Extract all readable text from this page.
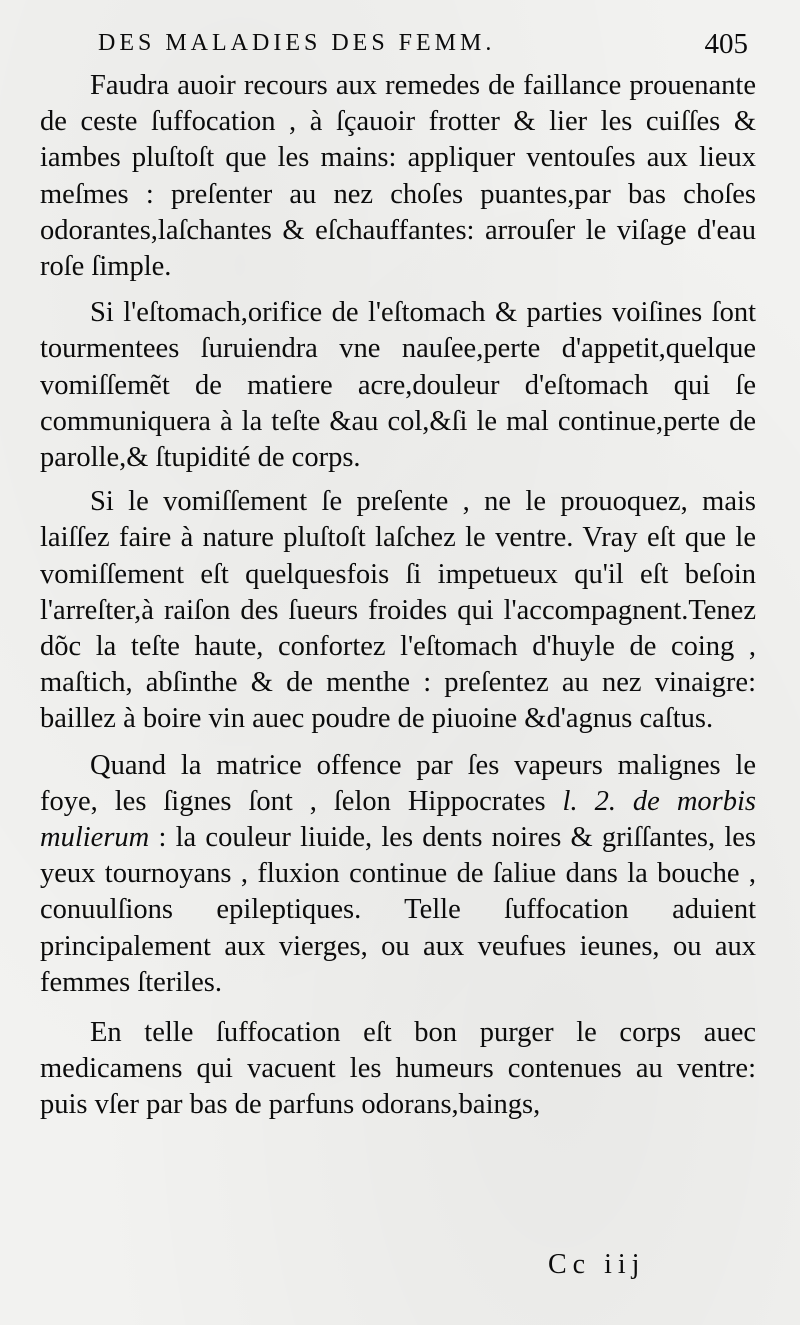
DES MALADIES DES FEMM.	405

Faudra auoir recours aux remedes de faillance prouenante de ceste ſuffocation , à ſçauoir frotter & lier les cuiſſes & iambes pluſtoſt que les mains: appliquer ventouſes aux lieux meſmes : preſenter au nez choſes puantes,par bas choſes odorantes,laſchantes & eſchauffantes: arrouſer le viſage d'eau roſe ſimple.

Si l'eſtomach,orifice de l'eſtomach & parties voiſines ſont tourmentees ſuruiendra vne nauſee,perte d'appetit,quelque vomiſſemẽt de matiere acre,douleur d'eſtomach qui ſe communiquera à la teſte &au col,&ſi le mal continue,perte de parolle,& ſtupidité de corps.

Si le vomiſſement ſe preſente , ne le prouoquez, mais laiſſez faire à nature pluſtoſt laſchez le ventre. Vray eſt que le vomiſſement eſt quelquesfois ſi impetueux qu'il eſt beſoin l'arreſter,à raiſon des ſueurs froides qui l'accompagnent.Tenez dõc la teſte haute, confortez l'eſtomach d'huyle de coing , maſtich, abſinthe & de menthe : preſentez au nez vinaigre: baillez à boire vin auec poudre de piuoine &d'agnus caſtus.

Quand la matrice offence par ſes vapeurs malignes le foye, les ſignes ſont , ſelon Hippocrates l. 2. de morbis mulierum : la couleur liuide, les dents noires & griſſantes, les yeux tournoyans , fluxion continue de ſaliue dans la bouche , conuulſions epileptiques. Telle ſuffocation aduient principalement aux vierges, ou aux veufues ieunes, ou aux femmes ſteriles.

En telle ſuffocation eſt bon purger le corps auec medicamens qui vacuent les humeurs contenues au ventre: puis vſer par bas de parfuns odorans,baings,

Cc iij
